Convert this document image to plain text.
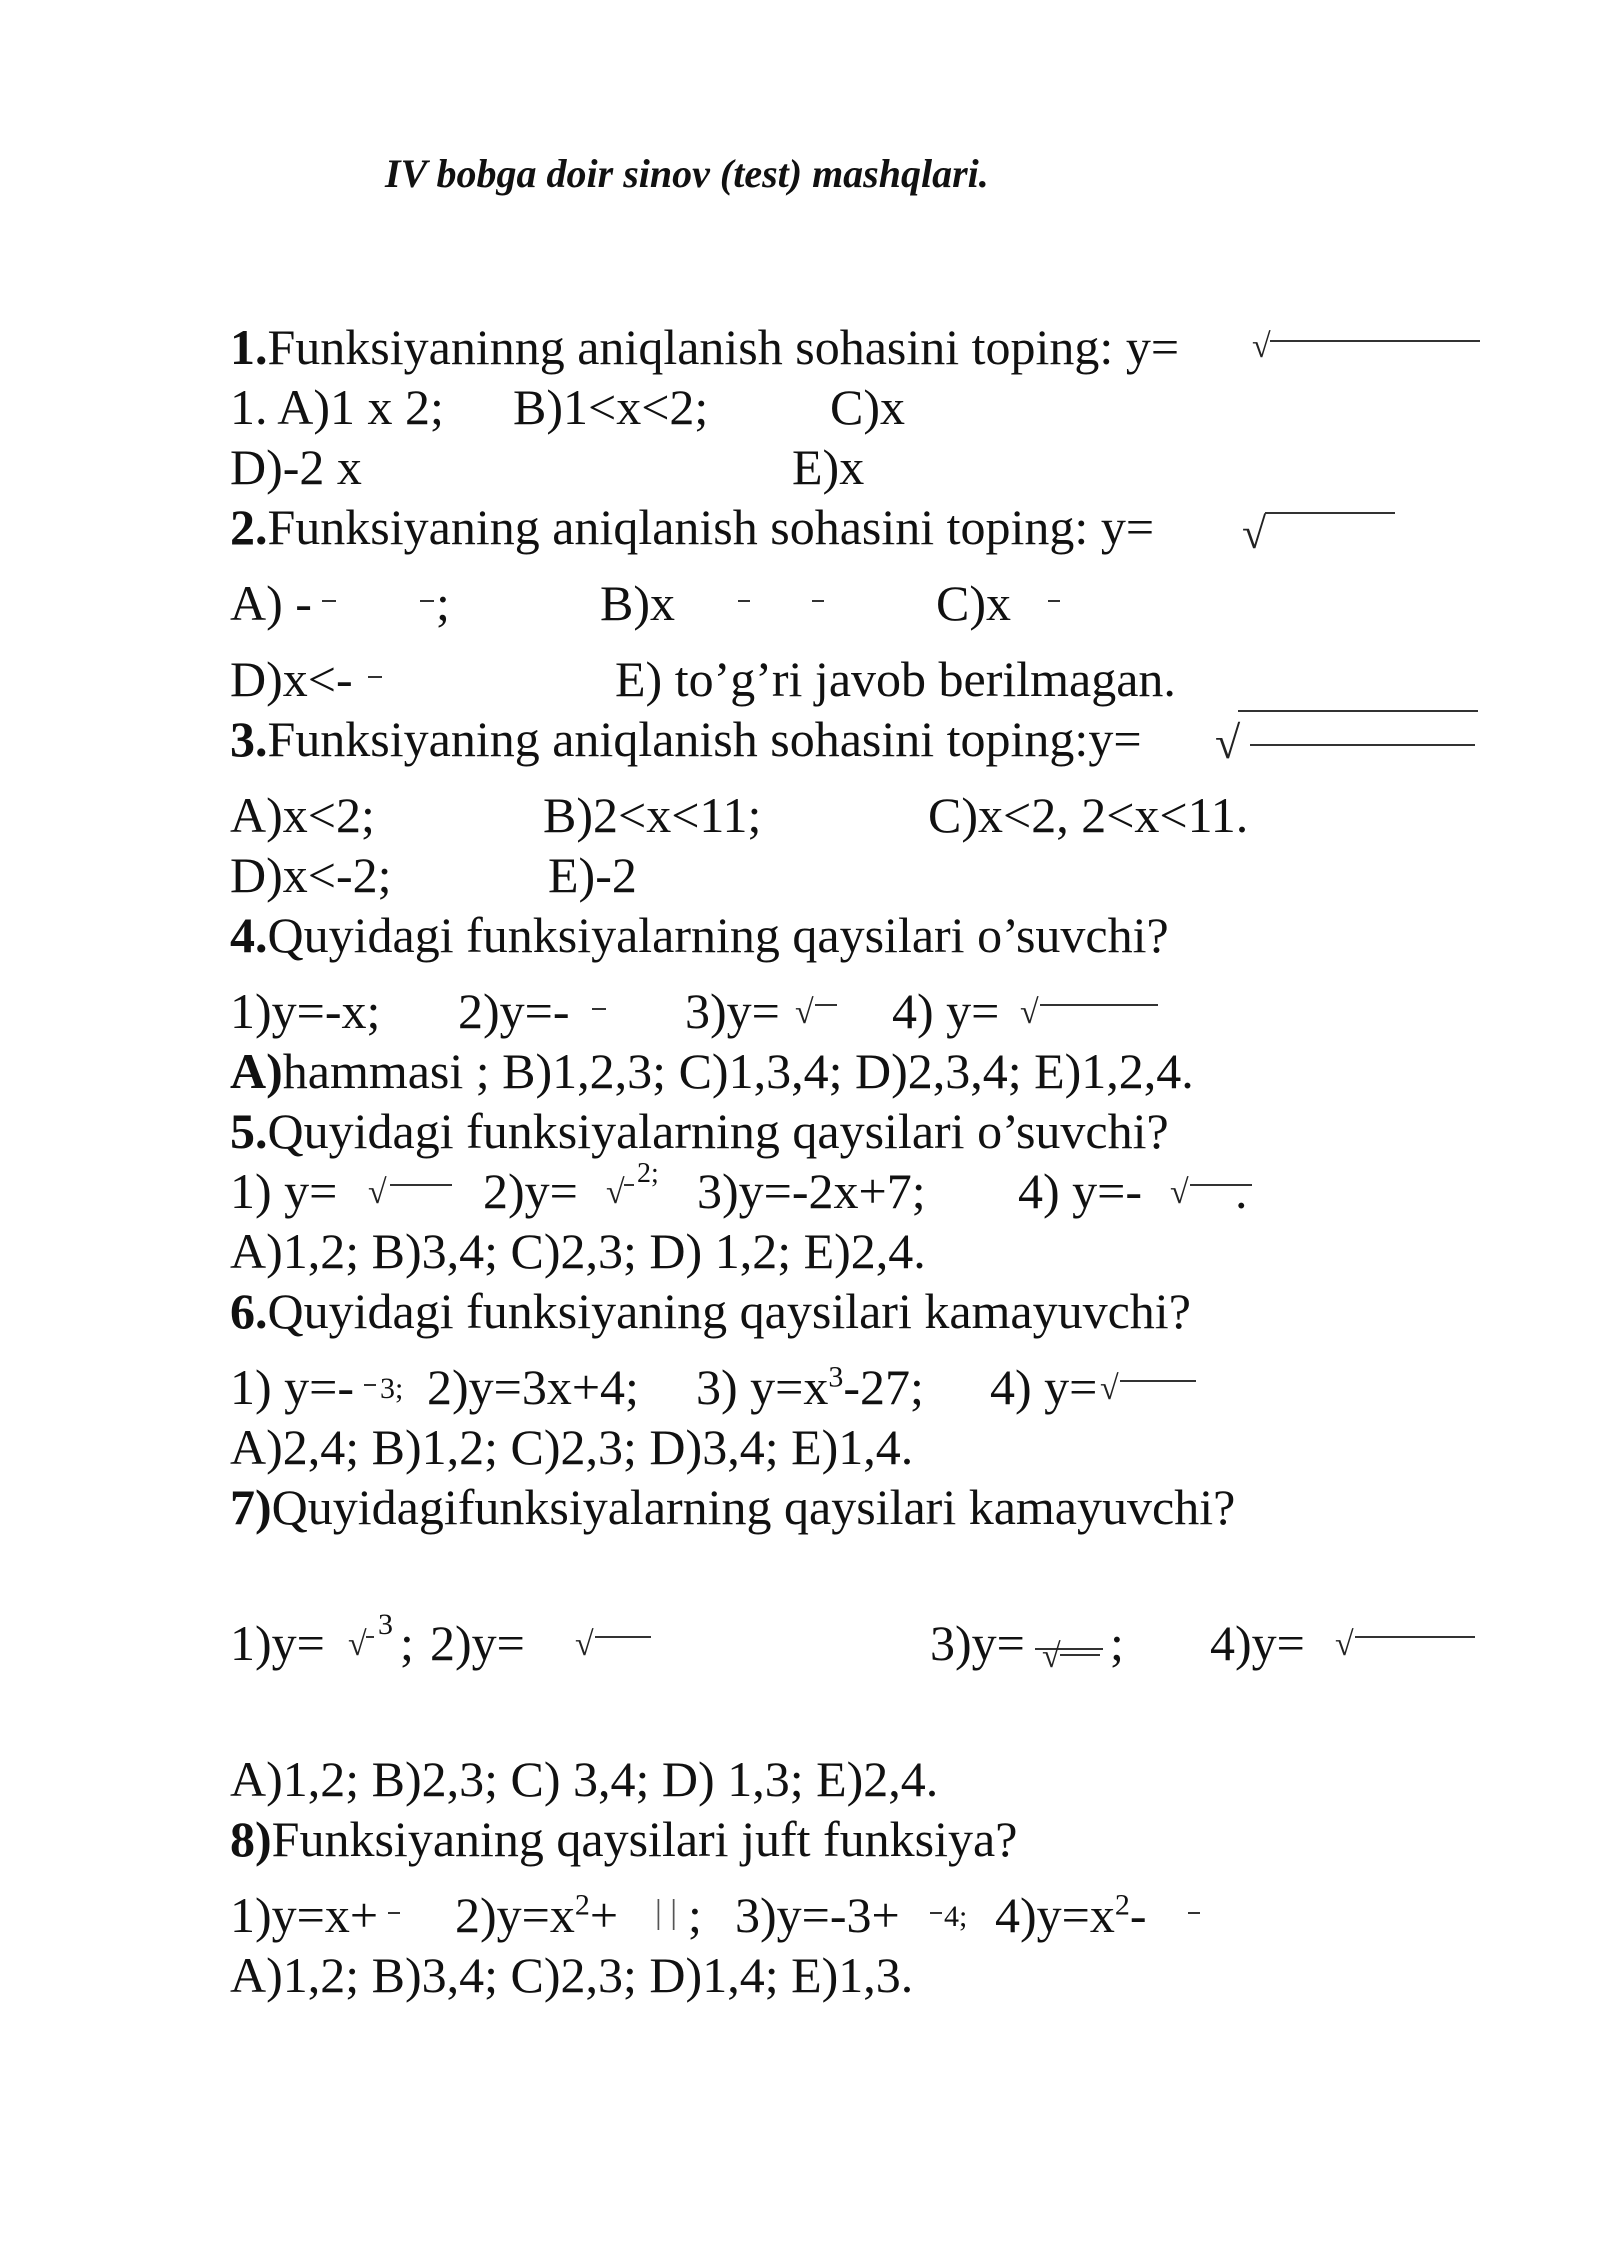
IV bobga doir sinov (test) mashqlari.
1.Funksiyaninng aniqlanish sohasini toping: y= √
1. A)1 x 2; B)1<x<2; C)x
D)-2 x	E)x
2.Funksiyaning aniqlanish sohasini toping: y= √
A) - ;	B)x	C)x
D)x<-	E) to’g’ri javob berilmagan.
3.Funksiyaning aniqlanish sohasini toping:y= √
A)x<2;	B)2<x<11;	C)x<2, 2<x<11.
D)x<-2;	E)-2
4.Quyidagi funksiyalarning qaysilari o’suvchi?
1)y=-x; 2)y=- 3)y= √ 4) y= √
A)hammasi ; B)1,2,3; C)1,3,4; D)2,3,4; E)1,2,4.
5.Quyidagi funksiyalarning qaysilari o’suvchi?
1) y= √ 2)y= √
2; 3)y=-2x+7; 4) y=- √ .
A)1,2; B)3,4; C)2,3; D) 1,2; E)2,4.
6.Quyidagi funksiyaning qaysilari kamayuvchi?
1) y=- 3; 2)y=3x+4; 3) $y=x^3-27$; 4) y= √
A)2,4; B)1,2; C)2,3; D)3,4; E)1,4.
7)Quyidagifunksiyalarning qaysilari kamayuvchi?
1)y= √
3 ; 2)y= √	3)y= √ ; 4)y= √
A)1,2; B)2,3; C) 3,4; D) 1,3; E)2,4.
8)Funksiyaning qaysilari juft funksiya?
$1)y=x+ 2)y=x^2+$ | | ; 3)y=-3+ 4; $4)y=x^2-$
A)1,2; B)3,4; C)2,3; D)1,4; E)1,3.
